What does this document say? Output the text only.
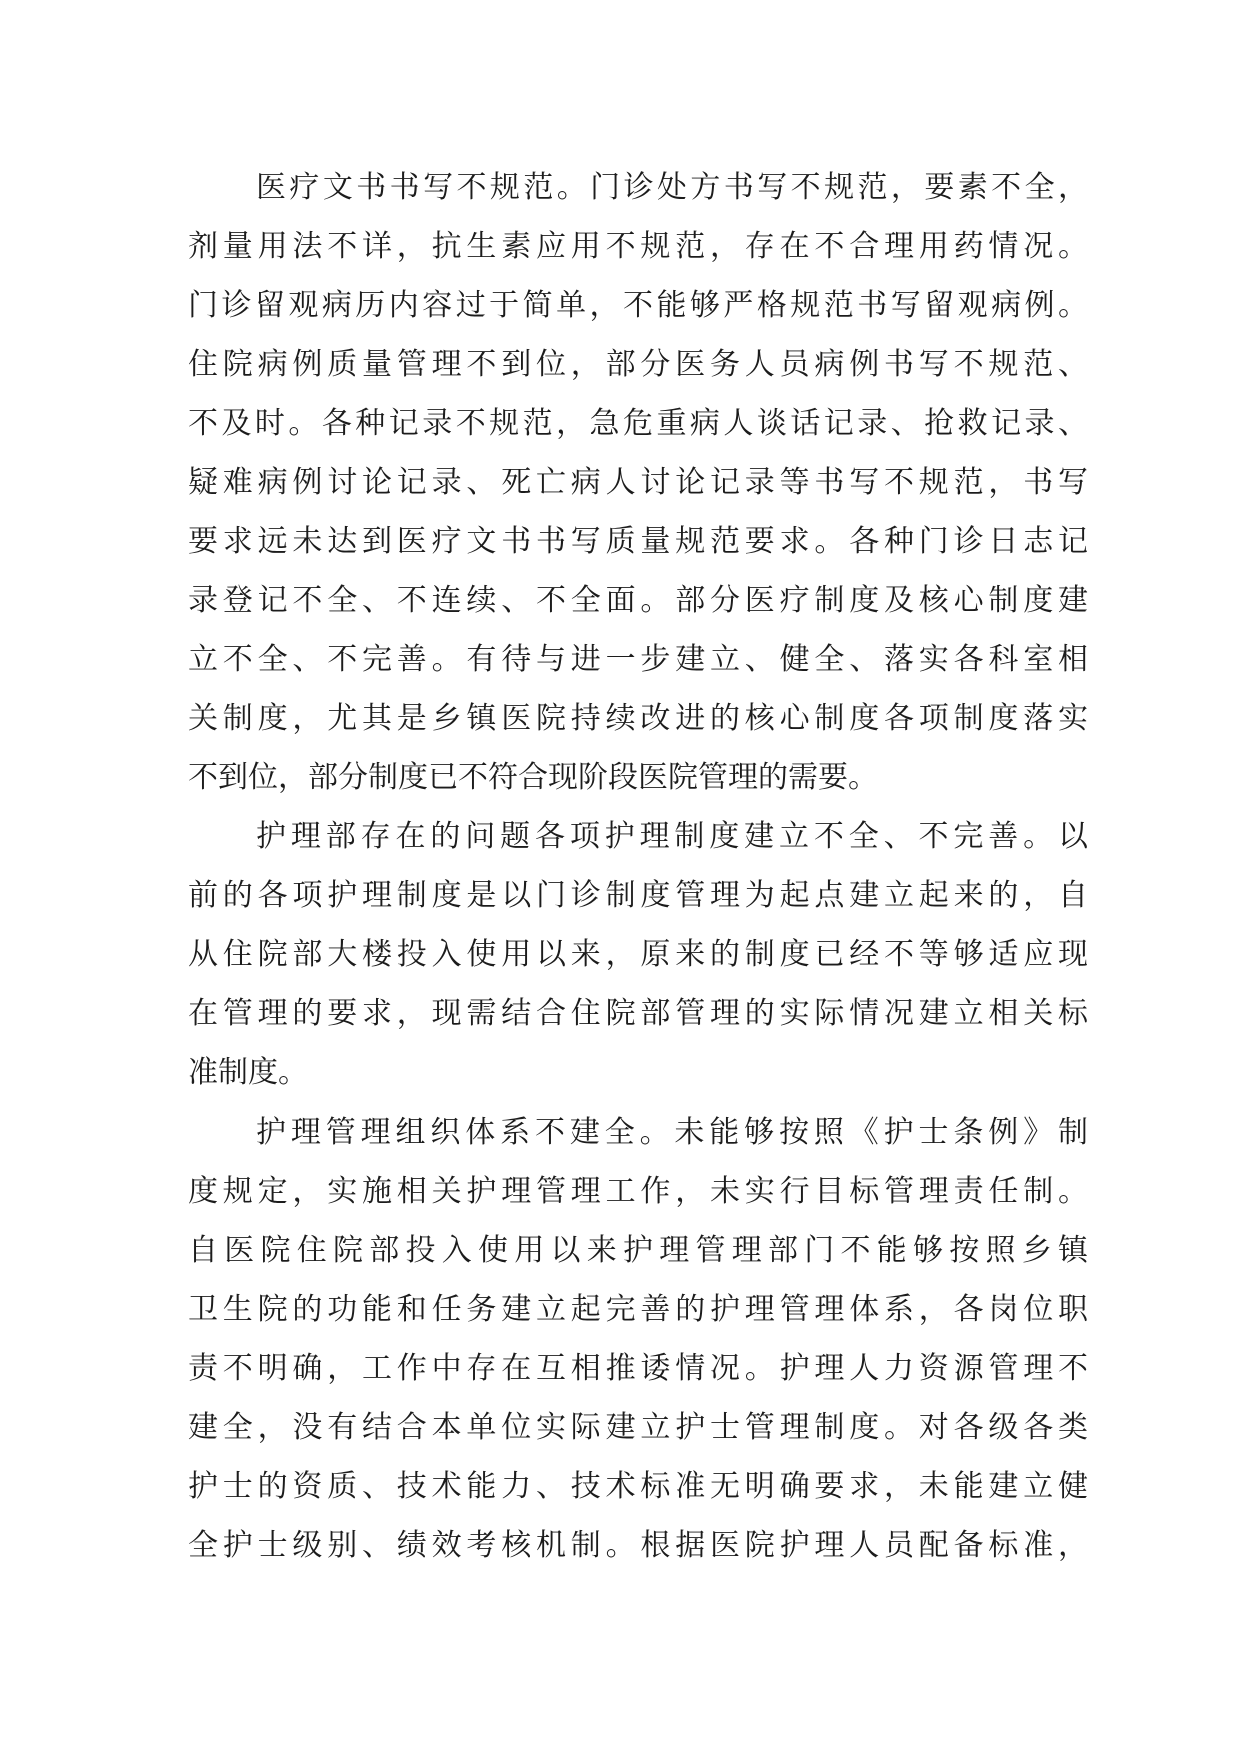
医疗文书书写不规范。门诊处方书写不规范，要素不全，
剂量用法不详，抗生素应用不规范，存在不合理用药情况。
门诊留观病历内容过于简单，不能够严格规范书写留观病例。
住院病例质量管理不到位，部分医务人员病例书写不规范、
不及时。各种记录不规范，急危重病人谈话记录、抢救记录、
疑难病例讨论记录、死亡病人讨论记录等书写不规范，书写
要求远未达到医疗文书书写质量规范要求。各种门诊日志记
录登记不全、不连续、不全面。部分医疗制度及核心制度建
立不全、不完善。有待与进一步建立、健全、落实各科室相
关制度，尤其是乡镇医院持续改进的核心制度各项制度落实
不到位，部分制度已不符合现阶段医院管理的需要。
护理部存在的问题各项护理制度建立不全、不完善。以
前的各项护理制度是以门诊制度管理为起点建立起来的，自
从住院部大楼投入使用以来，原来的制度已经不等够适应现
在管理的要求，现需结合住院部管理的实际情况建立相关标
准制度。
护理管理组织体系不建全。未能够按照《护士条例》制
度规定，实施相关护理管理工作，未实行目标管理责任制。
自医院住院部投入使用以来护理管理部门不能够按照乡镇
卫生院的功能和任务建立起完善的护理管理体系，各岗位职
责不明确，工作中存在互相推诿情况。护理人力资源管理不
建全，没有结合本单位实际建立护士管理制度。对各级各类
护士的资质、技术能力、技术标准无明确要求，未能建立健
全护士级别、绩效考核机制。根据医院护理人员配备标准，
